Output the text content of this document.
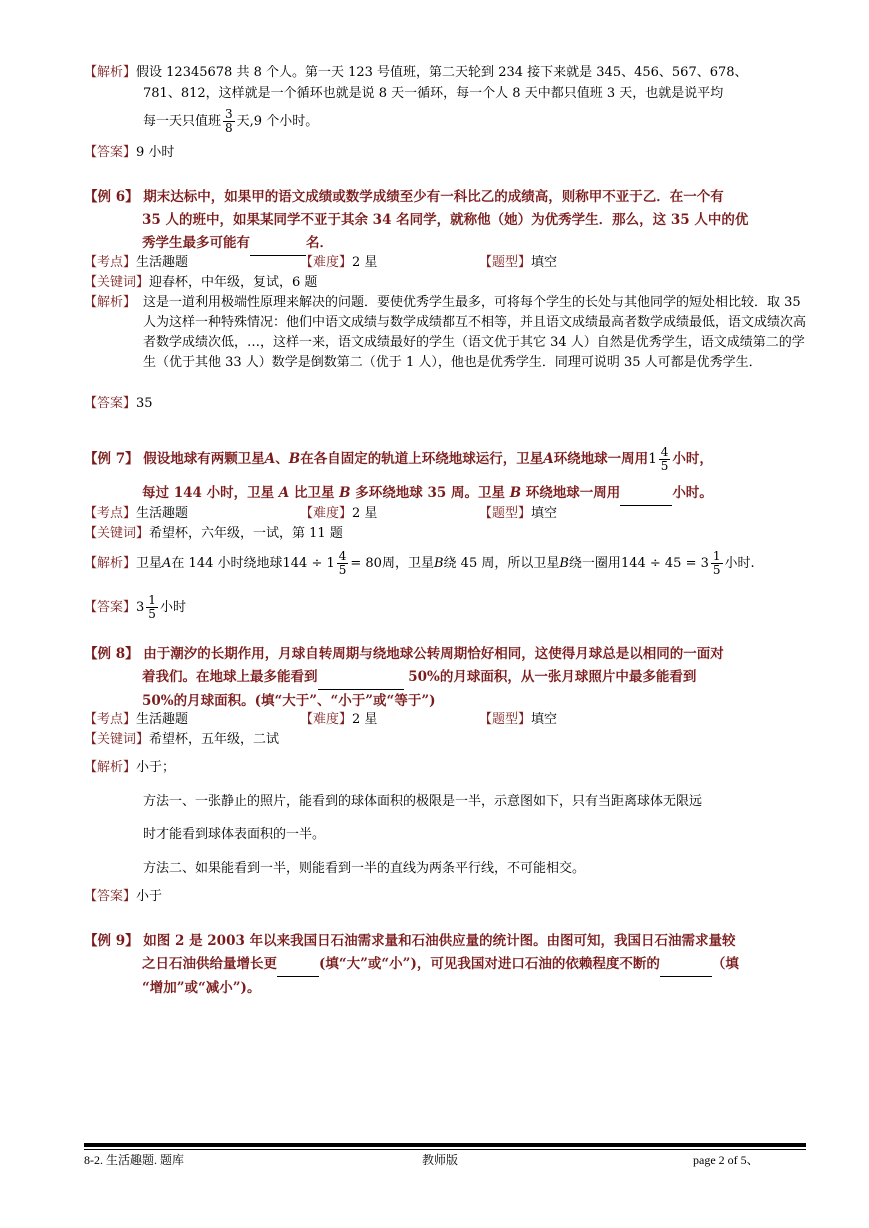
【解析】假设 12345678 共 8 个人。第一天 123 号值班，第二天轮到 234 接下来就是 345、456、567、678、
781、812，这样就是一个循环也就是说 8 天一循环，每一个人 8 天中都只值班 3 天，也就是说平均
每一天只值班 $\frac{3}{8}$ 天,9 个小时。
【答案】9 小时
【例 6】 期末达标中，如果甲的语文成绩或数学成绩至少有一科比乙的成绩高，则称甲不亚于乙．在一个有
35 人的班中，如果某同学不亚于其余 34 名同学，就称他（她）为优秀学生．那么，这 35 人中的优
秀学生最多可能有	名．
【考点】生活趣题	【难度】2 星	【题型】填空
【关键词】迎春杯，中年级，复试，6 题
【解析】 这是一道利用极端性原理来解决的问题．要使优秀学生最多，可将每个学生的长处与其他同学的短处相比较．取 35 人为这样一种特殊情况：他们中语文成绩与数学成绩都互不相等，并且语文成绩最高者数学成绩最低，语文成绩次高者数学成绩次低，…，这样一来，语文成绩最好的学生（语文优于其它 34 人）自然是优秀学生，语文成绩第二的学生（优于其他 33 人）数学是倒数第二（优于 1 人），他也是优秀学生．同理可说明 35 人可都是优秀学生．
【答案】35
【例 7】
假设地球有两颗卫星 A 、 B 在各自固定的轨道上环绕地球运行，卫星 A 环绕地球一周用 $1 \frac{4}{5}$ 小时，
每过 144 小时，卫星 A 比卫星 B 多环绕地球 35 周。卫星 B 环绕地球一周用	小时。
【考点】生活趣题	【难度】2 星	【题型】填空
【关键词】希望杯，六年级，一试，第 11 题
【解析】 卫星 A 在 144 小时绕地球 $144 \div 1 \frac{4}{5} = 80$ 周，卫星 B 绕 45 周，所以卫星 B 绕一圈用 $144 \div 45 = 3 \frac{1}{5}$ 小时.
【答案】 $3 \frac{1}{5}$ 小时
【例 8】 由于潮汐的长期作用，月球自转周期与绕地球公转周期恰好相同，这使得月球总是以相同的一面对
着我们。在地球上最多能看到	50%的月球面积，从一张月球照片中最多能看到
50%的月球面积。(填“大于”、“小于”或“等于”)
【考点】生活趣题	【难度】2 星	【题型】填空
【关键词】希望杯，五年级，二试
【解析】小于；
方法一、一张静止的照片，能看到的球体面积的极限是一半，示意图如下，只有当距离球体无限远
时才能看到球体表面积的一半。
方法二、如果能看到一半，则能看到一半的直线为两条平行线，不可能相交。
【答案】小于
【例 9】 如图 2 是 2003 年以来我国日石油需求量和石油供应量的统计图。由图可知，我国日石油需求量较
之日石油供给量增长更	(填“大”或“小”)，可见我国对进口石油的依赖程度不断的	（填
“增加”或“减小”)。
8-2. 生活趣题. 题库	教师版	page 2 of 5、
